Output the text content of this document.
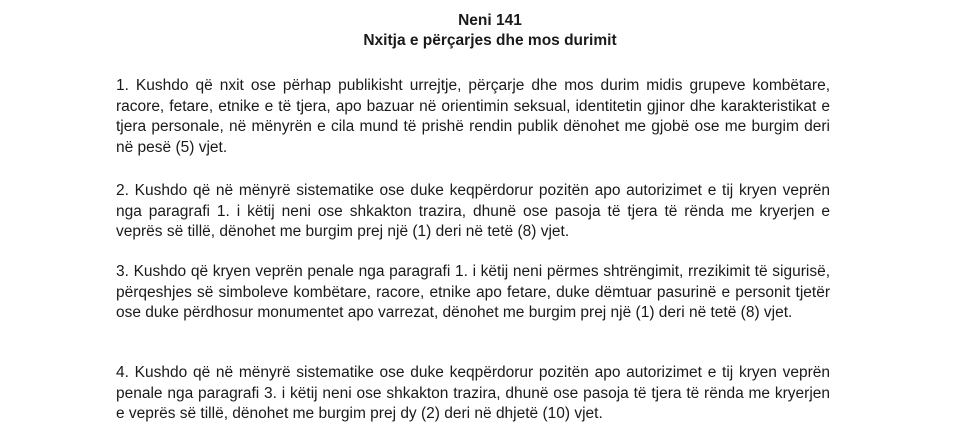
Neni 141
Nxitja e përçarjes dhe mos durimit
1. Kushdo që nxit ose përhap publikisht urrejtje, përçarje dhe mos durim midis grupeve kombëtare, racore, fetare, etnike e të tjera, apo bazuar në orientimin seksual, identitetin gjinor dhe karakteristikat e tjera personale, në mënyrën e cila mund të prishë rendin publik dënohet me gjobë ose me burgim deri në pesë (5) vjet.
2. Kushdo që në mënyrë sistematike ose duke keqpërdorur pozitën apo autorizimet e tij kryen veprën nga paragrafi 1. i këtij neni ose shkakton trazira, dhunë ose pasoja të tjera të rënda me kryerjen e veprës së tillë, dënohet me burgim prej një (1) deri në tetë (8) vjet.
3. Kushdo që kryen veprën penale nga paragrafi 1. i këtij neni përmes shtrëngimit, rrezikimit të sigurisë, përqeshjes së simboleve kombëtare, racore, etnike apo fetare, duke dëmtuar pasurinë e personit tjetër ose duke përdhosur monumentet apo varrezat, dënohet me burgim prej një (1) deri në tetë (8) vjet.
4. Kushdo që në mënyrë sistematike ose duke keqpërdorur pozitën apo autorizimet e tij kryen veprën penale nga paragrafi 3. i këtij neni ose shkakton trazira, dhunë ose pasoja të tjera të rënda me kryerjen e veprës së tillë, dënohet me burgim prej dy (2) deri në dhjetë (10) vjet.
